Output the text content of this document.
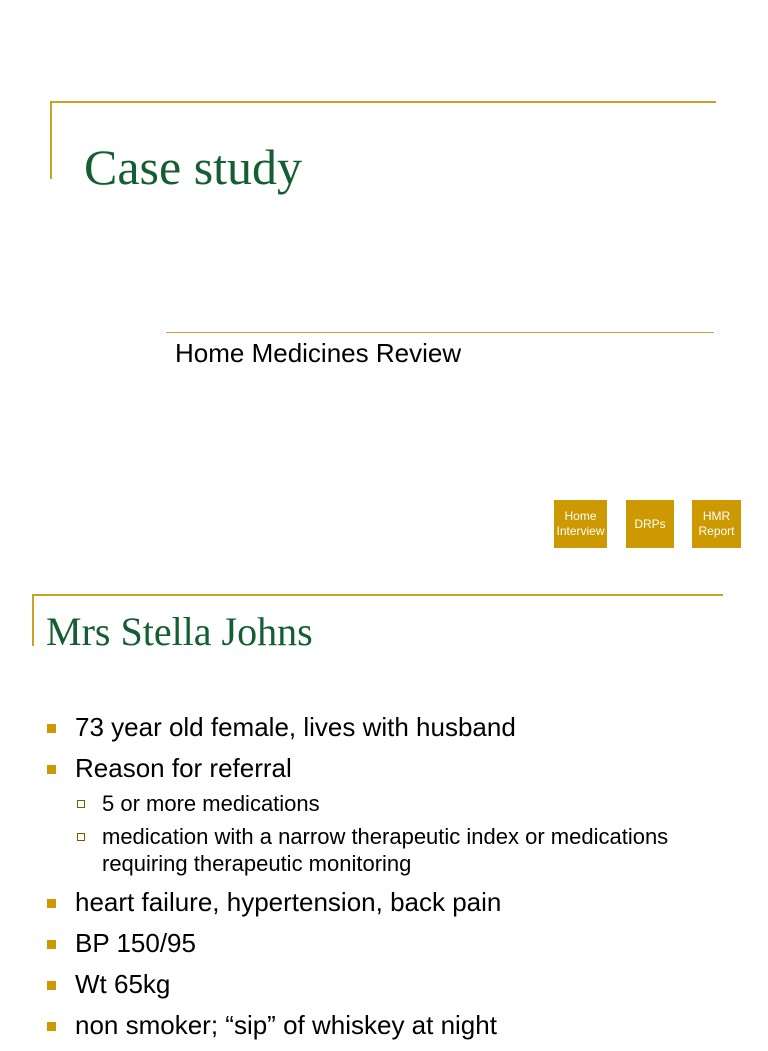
Case study
Home Medicines Review
Home
Interview
DRPs
HMR
Report
Mrs Stella Johns
73 year old female, lives with husband
Reason for referral
5 or more medications
medication with a narrow therapeutic index or medications requiring therapeutic monitoring
heart failure, hypertension, back pain
BP 150/95
Wt 65kg
non smoker; “sip” of whiskey at night
